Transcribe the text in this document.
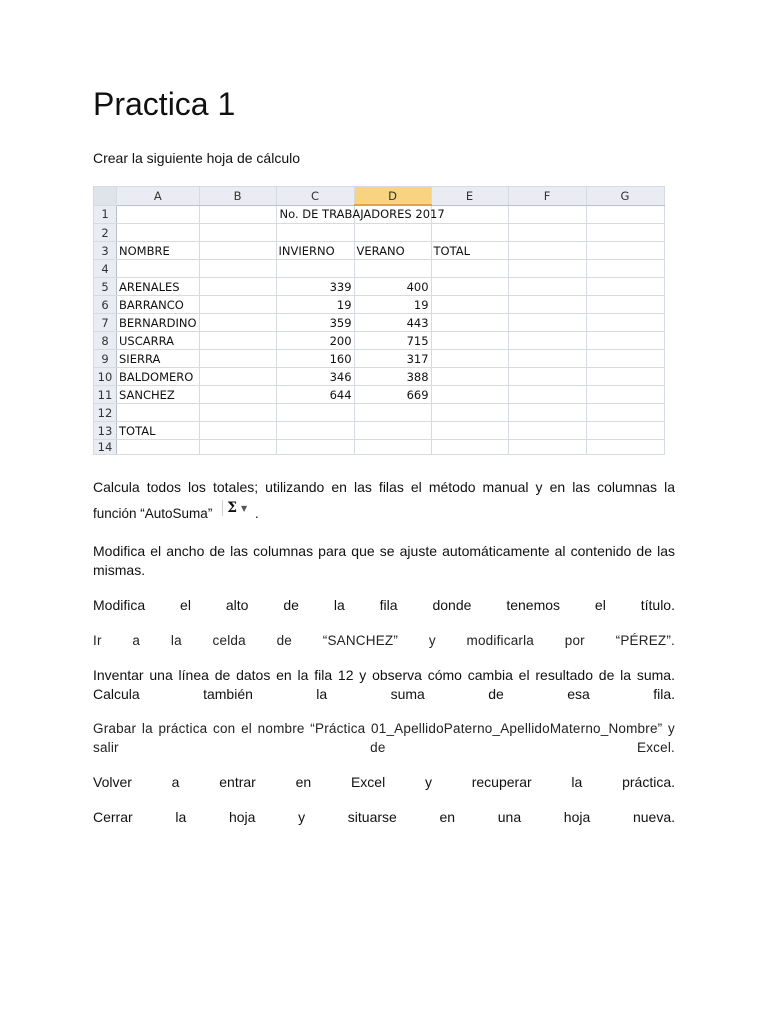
Practica 1
Crear la siguiente hoja de cálculo
	A	B	C	D	E	F	G
1			No. DE TRABAJADORES 2017				

2							
3	NOMBRE		INVIERNO	VERANO	TOTAL		
4							
5	ARENALES		339	400			
6	BARRANCO		19	19			
7	BERNARDINO		359	443			
8	USCARRA		200	715			
9	SIERRA		160	317			
10	BALDOMERO		346	388			
11	SANCHEZ		644	669			
12							
13	TOTAL						
14							

Calcula todos los totales; utilizando en las filas el método manual y en las columnas la

función “AutoSuma” Σ ▼ .

Modifica el ancho de las columnas para que se ajuste automáticamente al contenido de las mismas.

Modifica el alto de la fila donde tenemos el título.

Ir a la celda de “SANCHEZ” y modificarla por “PÉREZ”.

Inventar una línea de datos en la fila 12 y observa cómo cambia el resultado de la suma. Calcula también la suma de esa fila.

Grabar la práctica con el nombre “Práctica 01_ApellidoPaterno_ApellidoMaterno_Nombre” y salir de Excel.

Volver a entrar en Excel y recuperar la práctica.

Cerrar la hoja y situarse en una hoja nueva.
